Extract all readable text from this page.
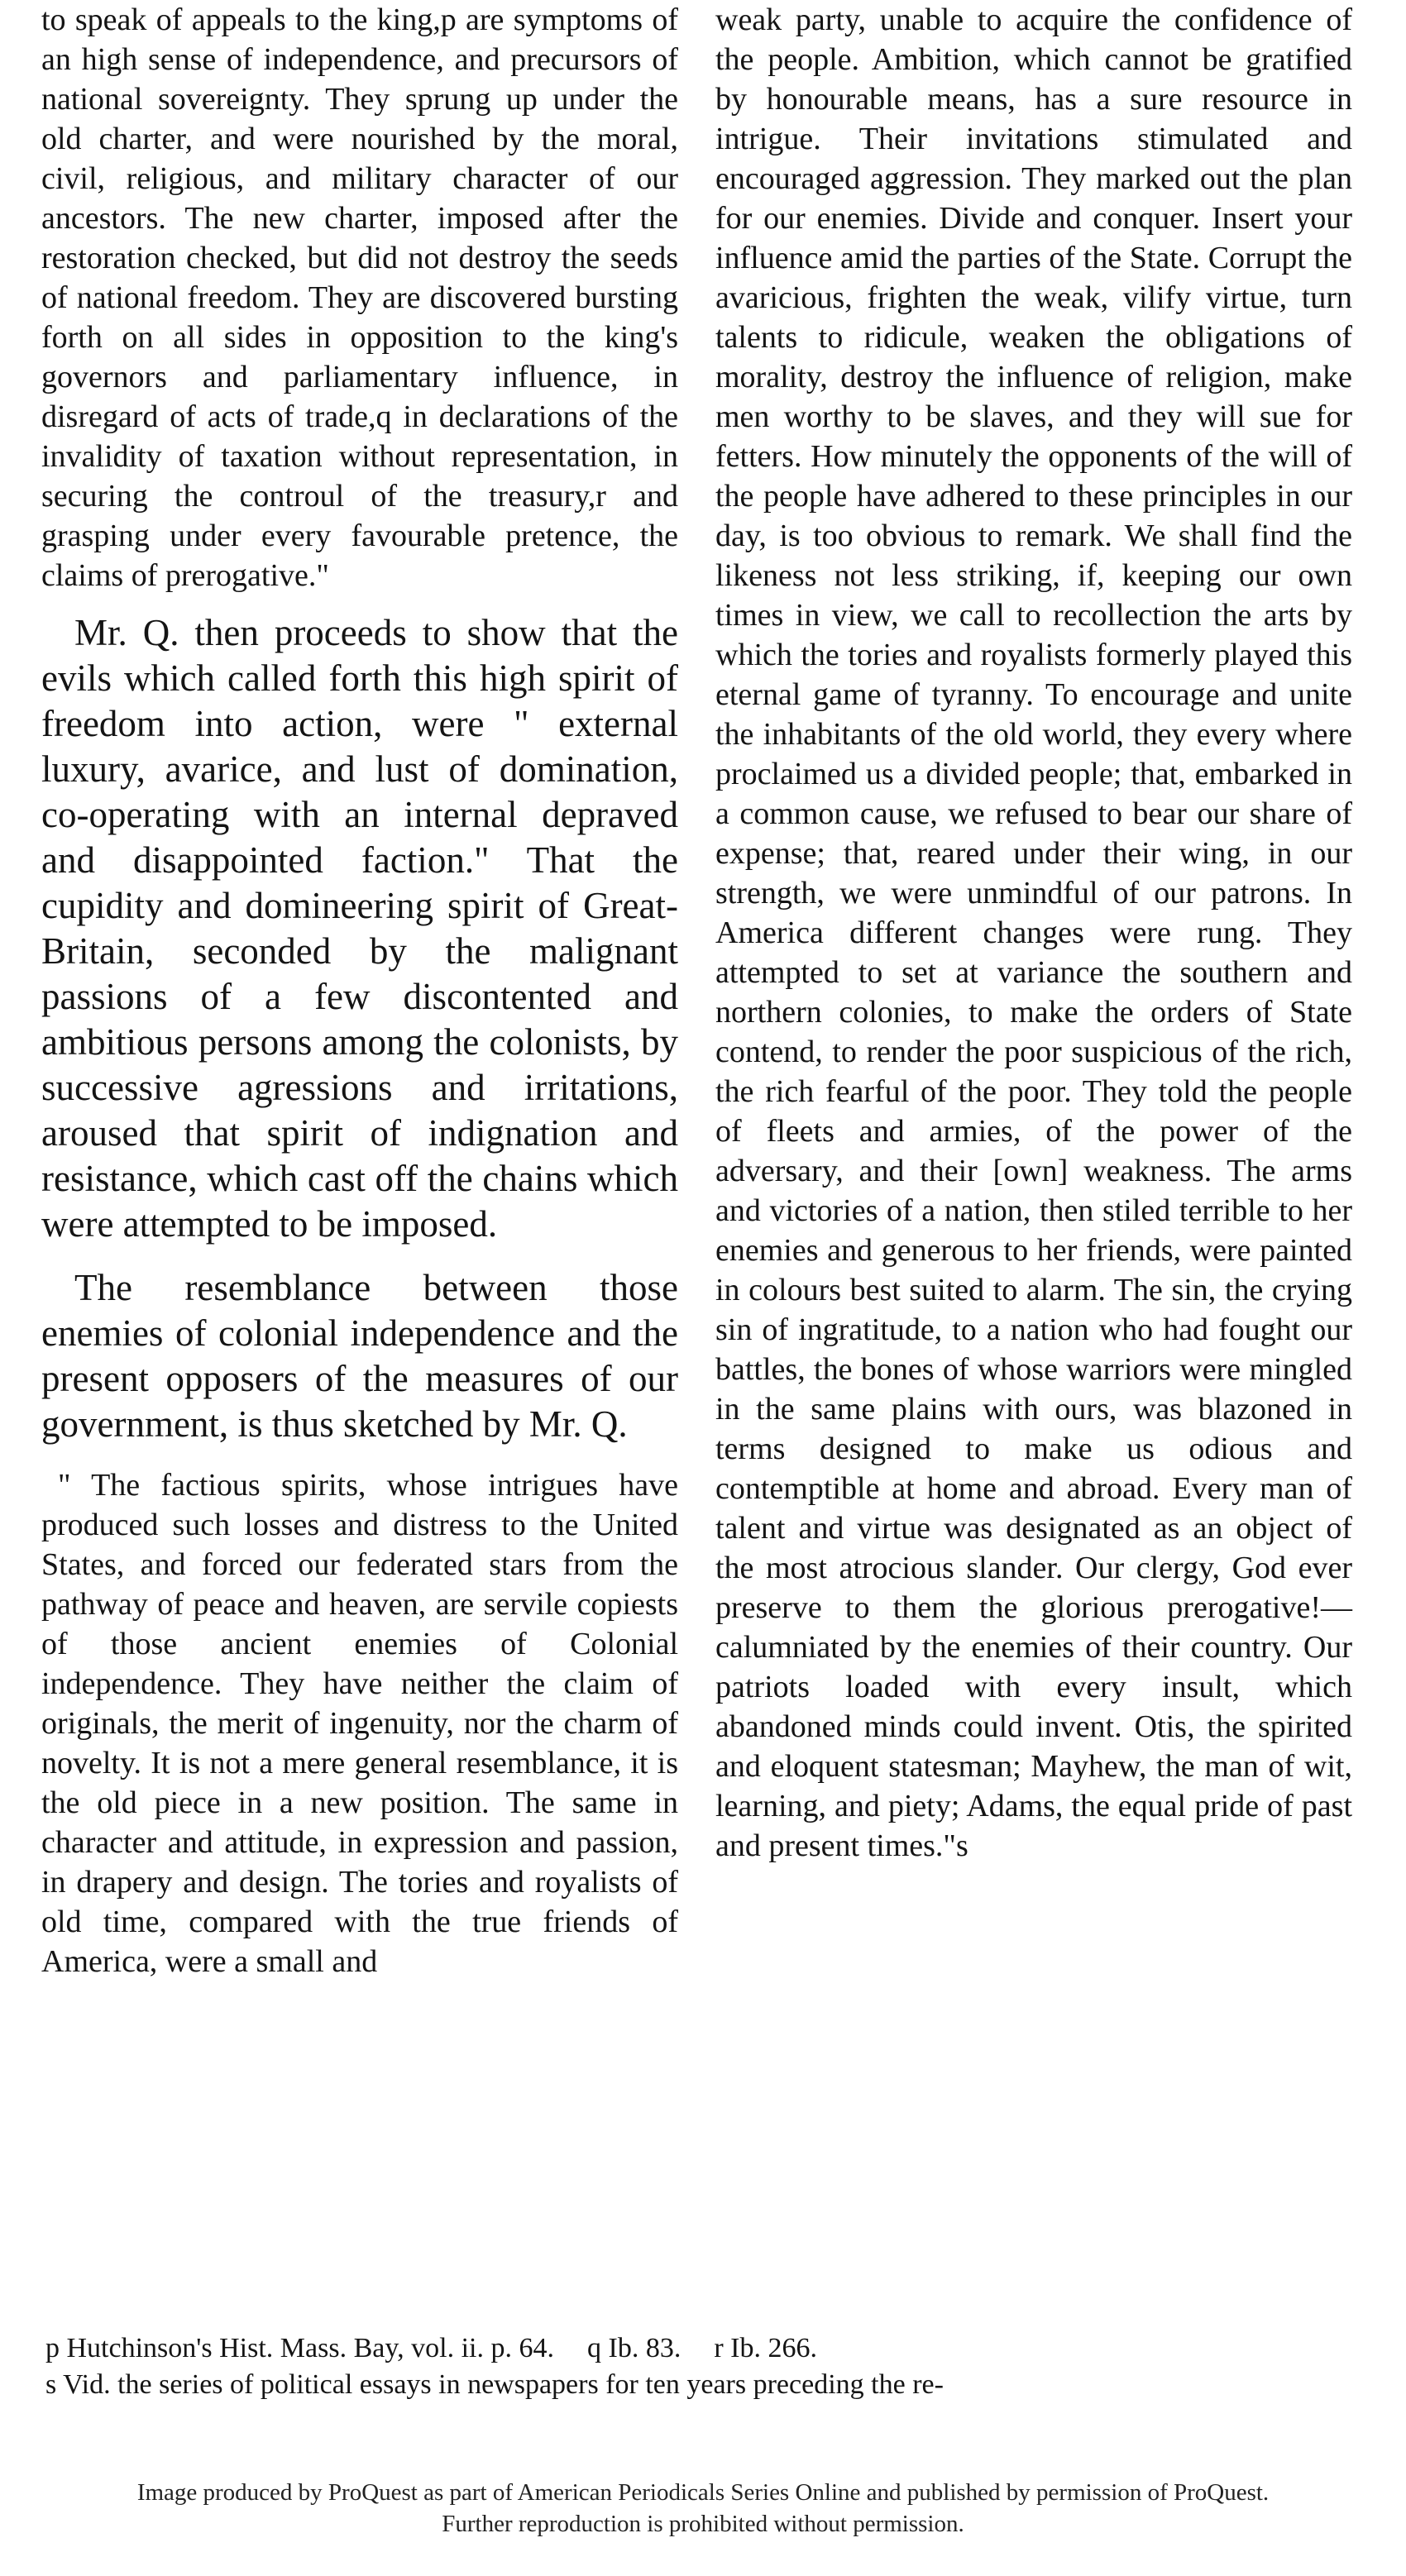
to speak of appeals to the king,p are symptoms of an high sense of independence, and precursors of national sovereignty. They sprung up under the old charter, and were nourished by the moral, civil, religious, and military character of our ancestors. The new charter, imposed after the restoration checked, but did not destroy the seeds of national freedom. They are discovered bursting forth on all sides in opposition to the king's governors and parliamentary influence, in disregard of acts of trade,q in declarations of the invalidity of taxation without representation, in securing the controul of the treasury,r and grasping under every favourable pretence, the claims of prerogative."

Mr. Q. then proceeds to show that the evils which called forth this high spirit of freedom into action, were " external luxury, avarice, and lust of domination, co-operating with an internal depraved and disappointed faction." That the cupidity and domineering spirit of Great-Britain, seconded by the malignant passions of a few discontented and ambitious persons among the colonists, by successive agressions and irritations, aroused that spirit of indignation and resistance, which cast off the chains which were attempted to be imposed.

The resemblance between those enemies of colonial independence and the present opposers of the measures of our government, is thus sketched by Mr. Q.

" The factious spirits, whose intrigues have produced such losses and distress to the United States, and forced our federated stars from the pathway of peace and heaven, are servile copiests of those ancient enemies of Colonial independence. They have neither the claim of originals, the merit of ingenuity, nor the charm of novelty. It is not a mere general resemblance, it is the old piece in a new position. The same in character and attitude, in expression and passion, in drapery and design. The tories and royalists of old time, compared with the true friends of America, were a small and

weak party, unable to acquire the confidence of the people. Ambition, which cannot be gratified by honourable means, has a sure resource in intrigue. Their invitations stimulated and encouraged aggression. They marked out the plan for our enemies. Divide and conquer. Insert your influence amid the parties of the State. Corrupt the avaricious, frighten the weak, vilify virtue, turn talents to ridicule, weaken the obligations of morality, destroy the influence of religion, make men worthy to be slaves, and they will sue for fetters. How minutely the opponents of the will of the people have adhered to these principles in our day, is too obvious to remark. We shall find the likeness not less striking, if, keeping our own times in view, we call to recollection the arts by which the tories and royalists formerly played this eternal game of tyranny. To encourage and unite the inhabitants of the old world, they every where proclaimed us a divided people; that, embarked in a common cause, we refused to bear our share of expense; that, reared under their wing, in our strength, we were unmindful of our patrons. In America different changes were rung. They attempted to set at variance the southern and northern colonies, to make the orders of State contend, to render the poor suspicious of the rich, the rich fearful of the poor. They told the people of fleets and armies, of the power of the adversary, and their [own] weakness. The arms and victories of a nation, then stiled terrible to her enemies and generous to her friends, were painted in colours best suited to alarm. The sin, the crying sin of ingratitude, to a nation who had fought our battles, the bones of whose warriors were mingled in the same plains with ours, was blazoned in terms designed to make us odious and contemptible at home and abroad. Every man of talent and virtue was designated as an object of the most atrocious slander. Our clergy, God ever preserve to them the glorious prerogative!—calumniated by the enemies of their country. Our patriots loaded with every insult, which abandoned minds could invent. Otis, the spirited and eloquent statesman; Mayhew, the man of wit, learning, and piety; Adams, the equal pride of past and present times."s

p Hutchinson's Hist. Mass. Bay, vol. ii. p. 64. q Ib. 83. r Ib. 266.

s Vid. the series of political essays in newspapers for ten years preceding the re-

Image produced by ProQuest as part of American Periodicals Series Online and published by permission of ProQuest.

Further reproduction is prohibited without permission.
